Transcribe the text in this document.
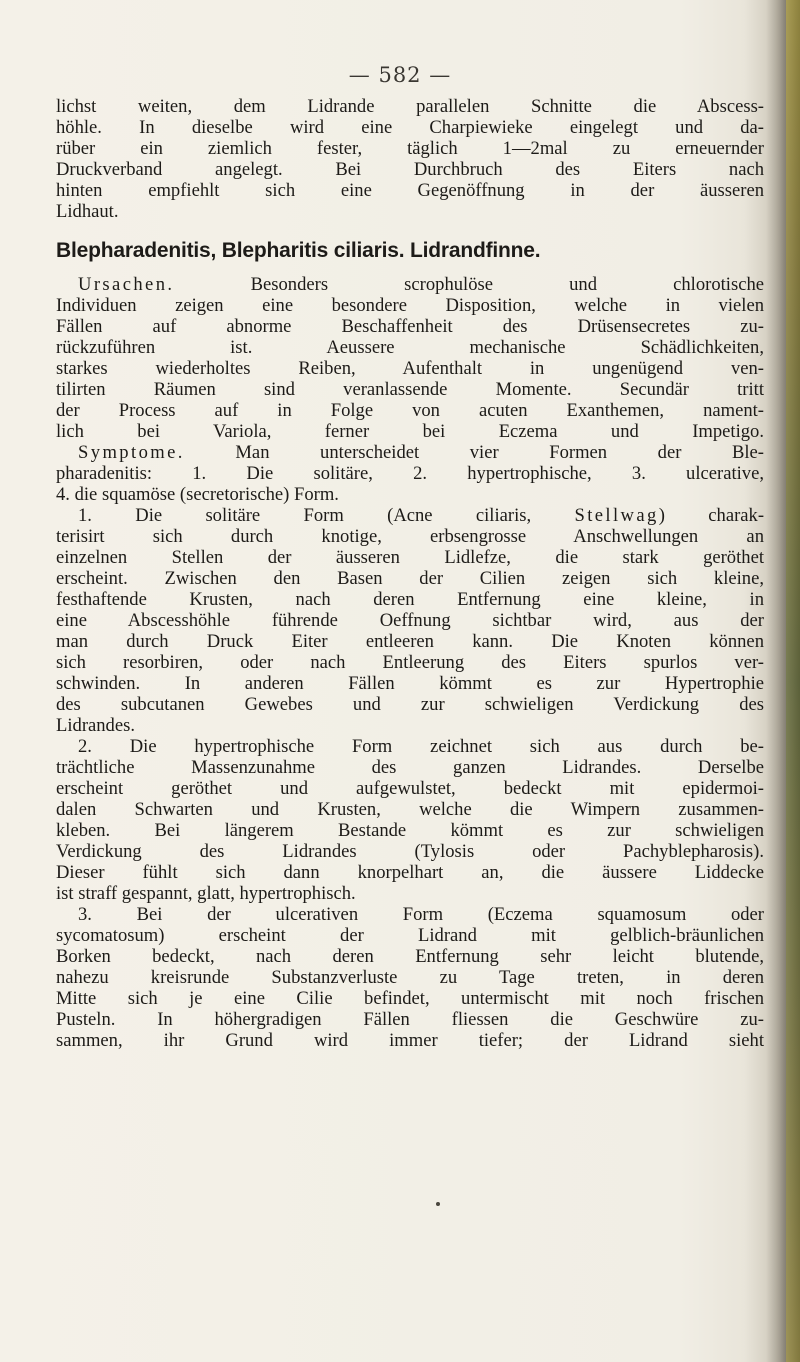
— 582 —
lichst weiten, dem Lidrande parallelen Schnitte die Abscess-
höhle. In dieselbe wird eine Charpiewieke eingelegt und da-
rüber ein ziemlich fester, täglich 1—2mal zu erneuernder
Druckverband angelegt. Bei Durchbruch des Eiters nach
hinten empfiehlt sich eine Gegenöffnung in der äusseren
Lidhaut.
Blepharadenitis, Blepharitis ciliaris. Lidrandfinne.
Ursachen. Besonders scrophulöse und chlorotische
Individuen zeigen eine besondere Disposition, welche in vielen
Fällen auf abnorme Beschaffenheit des Drüsensecretes zu-
rückzuführen ist. Aeussere mechanische Schädlichkeiten,
starkes wiederholtes Reiben, Aufenthalt in ungenügend ven-
tilirten Räumen sind veranlassende Momente. Secundär tritt
der Process auf in Folge von acuten Exanthemen, nament-
lich bei Variola, ferner bei Eczema und Impetigo.
Symptome. Man unterscheidet vier Formen der Ble-
pharadenitis: 1. Die solitäre, 2. hypertrophische, 3. ulcerative,
4. die squamöse (secretorische) Form.
1. Die solitäre Form (Acne ciliaris, Stellwag) charak-
terisirt sich durch knotige, erbsengrosse Anschwellungen an
einzelnen Stellen der äusseren Lidlefze, die stark geröthet
erscheint. Zwischen den Basen der Cilien zeigen sich kleine,
festhaftende Krusten, nach deren Entfernung eine kleine, in
eine Abscesshöhle führende Oeffnung sichtbar wird, aus der
man durch Druck Eiter entleeren kann. Die Knoten können
sich resorbiren, oder nach Entleerung des Eiters spurlos ver-
schwinden. In anderen Fällen kömmt es zur Hypertrophie
des subcutanen Gewebes und zur schwieligen Verdickung des
Lidrandes.
2. Die hypertrophische Form zeichnet sich aus durch be-
trächtliche Massenzunahme des ganzen Lidrandes. Derselbe
erscheint geröthet und aufgewulstet, bedeckt mit epidermoi-
dalen Schwarten und Krusten, welche die Wimpern zusammen-
kleben. Bei längerem Bestande kömmt es zur schwieligen
Verdickung des Lidrandes (Tylosis oder Pachyblepharosis).
Dieser fühlt sich dann knorpelhart an, die äussere Liddecke
ist straff gespannt, glatt, hypertrophisch.
3. Bei der ulcerativen Form (Eczema squamosum oder
sycomatosum) erscheint der Lidrand mit gelblich-bräunlichen
Borken bedeckt, nach deren Entfernung sehr leicht blutende,
nahezu kreisrunde Substanzverluste zu Tage treten, in deren
Mitte sich je eine Cilie befindet, untermischt mit noch frischen
Pusteln. In höhergradigen Fällen fliessen die Geschwüre zu-
sammen, ihr Grund wird immer tiefer; der Lidrand sieht
